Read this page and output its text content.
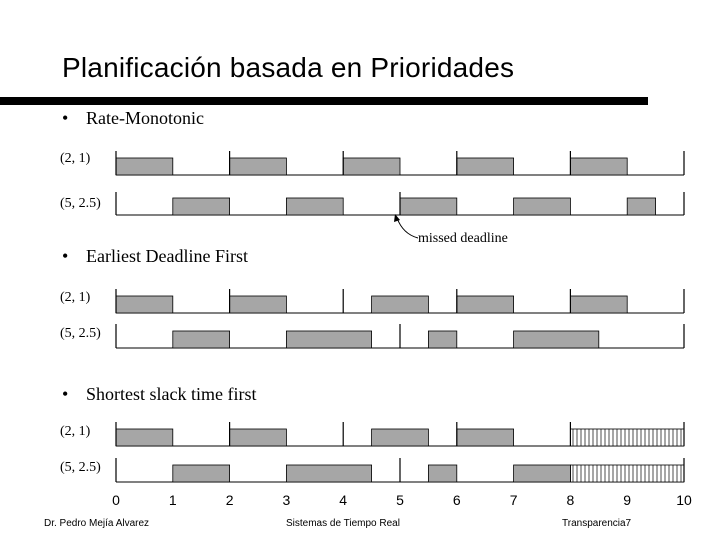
Planificación basada en Prioridades
• Rate-Monotonic
• Earliest Deadline First
• Shortest slack time first
(2, 1)
(5, 2.5)
(2, 1)
(5, 2.5)
(2, 1)
(5, 2.5)
missed deadline
0	1	2	3	4	5	6	7	8	9	10
Dr. Pedro Mejía Alvarez	Sistemas de Tiempo Real	Transparencia7
